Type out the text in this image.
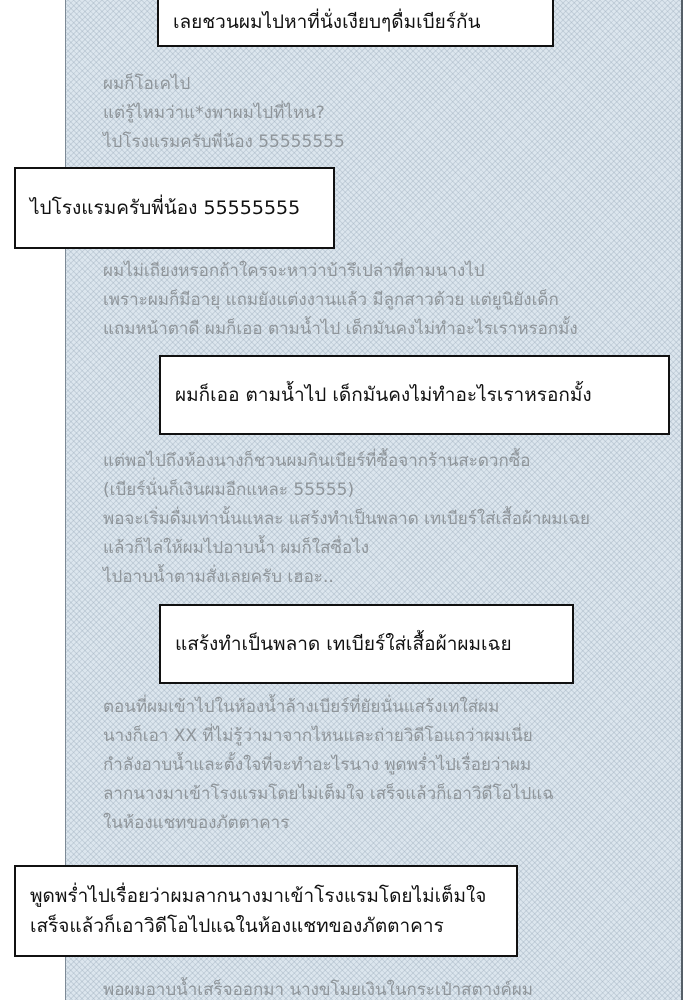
ผมก็โอเคไป
แต่รู้ไหมว่าแ*งพาผมไปที่ไหน?
ไปโรงแรมครับพี่น้อง 55555555

ผมไม่เถียงหรอกถ้าใครจะหาว่าบ้ารึเปล่าที่ตามนางไป
เพราะผมก็มีอายุ แถมยังแต่งงานแล้ว มีลูกสาวด้วย แต่ยูนิยังเด็ก
แถมหน้าตาดี ผมก็เออ ตามน้ำไป เด็กมันคงไม่ทำอะไรเราหรอกมั้ง

แต่พอไปถึงห้องนางก็ชวนผมกินเบียร์ที่ซื้อจากร้านสะดวกซื้อ
(เบียร์นั่นก็เงินผมอีกแหละ 55555)
พอจะเริ่มดื่มเท่านั้นแหละ แสร้งทำเป็นพลาด เทเบียร์ใส่เสื้อผ้าผมเฉย
แล้วก็ไล่ให้ผมไปอาบน้ำ ผมก็ใสซื่อไง
ไปอาบน้ำตามสั่งเลยครับ เฮอะ..

ตอนที่ผมเข้าไปในห้องน้ำล้างเบียร์ที่ยัยนั่นแสร้งเทใส่ผม
นางก็เอา XX ที่ไม่รู้ว่ามาจากไหนและถ่ายวิดีโอแถว่าผมเนี่ย
กำลังอาบน้ำและตั้งใจที่จะทำอะไรนาง พูดพร่ำไปเรื่อยว่าผม
ลากนางมาเข้าโรงแรมโดยไม่เต็มใจ เสร็จแล้วก็เอาวิดีโอไปแฉ
ในห้องแชทของภัตตาคาร

พอผมอาบน้ำเสร็จออกมา นางขโมยเงินในกระเป๋าสตางค์ผม

เลยชวนผมไปหาที่นั่งเงียบๆดื่มเบียร์กัน
ไปโรงแรมครับพี่น้อง 55555555
ผมก็เออ ตามน้ำไป เด็กมันคงไม่ทำอะไรเราหรอกมั้ง
แสร้งทำเป็นพลาด เทเบียร์ใส่เสื้อผ้าผมเฉย
พูดพร่ำไปเรื่อยว่าผมลากนางมาเข้าโรงแรมโดยไม่เต็มใจ
เสร็จแล้วก็เอาวิดีโอไปแฉในห้องแชทของภัตตาคาร
